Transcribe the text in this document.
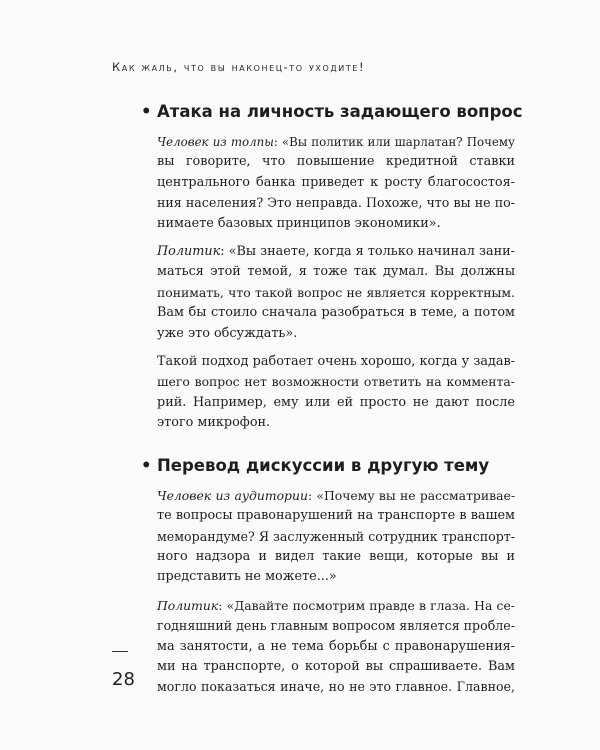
Как жаль, что вы наконец-то уходите!
• Атака на личность задающего вопрос

Человек из толпы: «Вы политик или шарлатан? Почему
вы говорите, что повышение кредитной ставки
центрального банка приведет к росту благосостоя-
ния населения? Это неправда. Похоже, что вы не по-
нимаете базовых принципов экономики».

Политик: «Вы знаете, когда я только начинал зани-
маться этой темой, я тоже так думал. Вы должны
понимать, что такой вопрос не является корректным.
Вам бы стоило сначала разобраться в теме, а потом
уже это обсуждать».

Такой подход работает очень хорошо, когда у задав-
шего вопрос нет возможности ответить на коммента-
рий. Например, ему или ей просто не дают после
этого микрофон.

• Перевод дискуссии в другую тему

Человек из аудитории: «Почему вы не рассматривае-
те вопросы правонарушений на транспорте в вашем
меморандуме? Я заслуженный сотрудник транспорт-
ного надзора и видел такие вещи, которые вы и
представить не можете...»

Политик: «Давайте посмотрим правде в глаза. На се-
годняшний день главным вопросом является пробле-
ма занятости, а не тема борьбы с правонарушения-
ми на транспорте, о которой вы спрашиваете. Вам
могло показаться иначе, но не это главное. Главное,

28
